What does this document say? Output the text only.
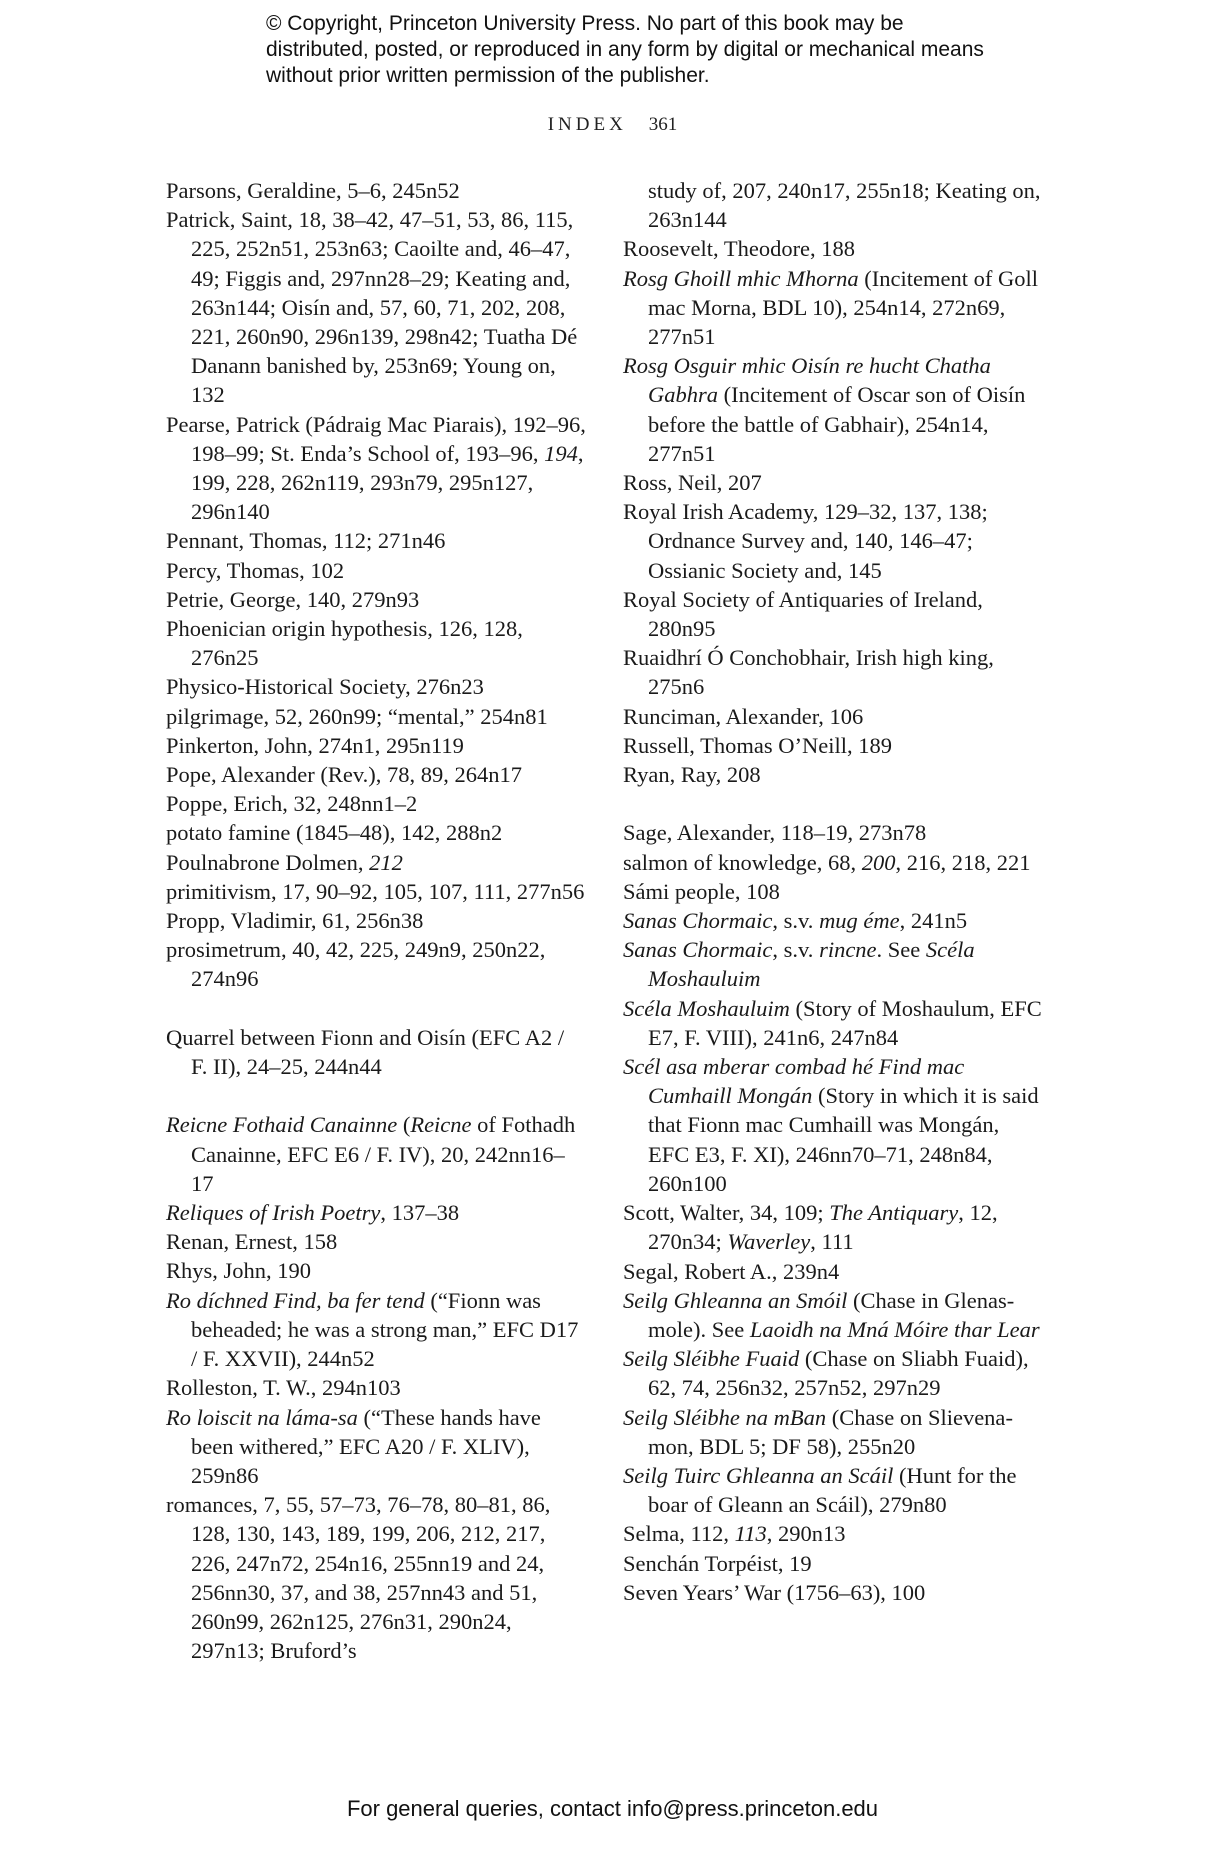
© Copyright, Princeton University Press. No part of this book may be distributed, posted, or reproduced in any form by digital or mechanical means without prior written permission of the publisher.
INDEX 361
Parsons, Geraldine, 5–6, 245n52
Patrick, Saint, 18, 38–42, 47–51, 53, 86, 115, 225, 252n51, 253n63; Caoilte and, 46–47, 49; Figgis and, 297nn28–29; Keating and, 263n144; Oisín and, 57, 60, 71, 202, 208, 221, 260n90, 296n139, 298n42; Tuatha Dé Danann banished by, 253n69; Young on, 132
Pearse, Patrick (Pádraig Mac Piarais), 192–96, 198–99; St. Enda’s School of, 193–96, 194, 199, 228, 262n119, 293n79, 295n127, 296n140
Pennant, Thomas, 112; 271n46
Percy, Thomas, 102
Petrie, George, 140, 279n93
Phoenician origin hypothesis, 126, 128, 276n25
Physico-Historical Society, 276n23
pilgrimage, 52, 260n99; “mental,” 254n81
Pinkerton, John, 274n1, 295n119
Pope, Alexander (Rev.), 78, 89, 264n17
Poppe, Erich, 32, 248nn1–2
potato famine (1845–48), 142, 288n2
Poulnabrone Dolmen, 212
primitivism, 17, 90–92, 105, 107, 111, 277n56
Propp, Vladimir, 61, 256n38
prosimetrum, 40, 42, 225, 249n9, 250n22, 274n96
Quarrel between Fionn and Oisín (EFC A2 / F. II), 24–25, 244n44
Reicne Fothaid Canainne (Reicne of Fothadh Canainne, EFC E6 / F. IV), 20, 242nn16–17
Reliques of Irish Poetry, 137–38
Renan, Ernest, 158
Rhys, John, 190
Ro díchned Find, ba fer tend (“Fionn was beheaded; he was a strong man,” EFC D17 / F. XXVII), 244n52
Rolleston, T. W., 294n103
Ro loiscit na láma-sa (“These hands have been withered,” EFC A20 / F. XLIV), 259n86
romances, 7, 55, 57–73, 76–78, 80–81, 86, 128, 130, 143, 189, 199, 206, 212, 217, 226, 247n72, 254n16, 255nn19 and 24, 256nn30, 37, and 38, 257nn43 and 51, 260n99, 262n125, 276n31, 290n24, 297n13; Bruford’s
study of, 207, 240n17, 255n18; Keating on, 263n144
Roosevelt, Theodore, 188
Rosg Ghoill mhic Mhorna (Incitement of Goll mac Morna, BDL 10), 254n14, 272n69, 277n51
Rosg Osguir mhic Oisín re hucht Chatha Gabhra (Incitement of Oscar son of Oisín before the battle of Gabhair), 254n14, 277n51
Ross, Neil, 207
Royal Irish Academy, 129–32, 137, 138; Ordnance Survey and, 140, 146–47; Ossianic Society and, 145
Royal Society of Antiquaries of Ireland, 280n95
Ruaidhrí Ó Conchobhair, Irish high king, 275n6
Runciman, Alexander, 106
Russell, Thomas O’Neill, 189
Ryan, Ray, 208
Sage, Alexander, 118–19, 273n78
salmon of knowledge, 68, 200, 216, 218, 221
Sámi people, 108
Sanas Chormaic, s.v. mug éme, 241n5
Sanas Chormaic, s.v. rincne. See Scéla Moshauluim
Scéla Moshauluim (Story of Moshaulum, EFC E7, F. VIII), 241n6, 247n84
Scél asa mberar combad hé Find mac Cumhaill Mongán (Story in which it is said that Fionn mac Cumhaill was Mongán, EFC E3, F. XI), 246nn70–71, 248n84, 260n100
Scott, Walter, 34, 109; The Antiquary, 12, 270n34; Waverley, 111
Segal, Robert A., 239n4
Seilg Ghleanna an Smóil (Chase in Glenasmole). See Laoidh na Mná Móire thar Lear
Seilg Sléibhe Fuaid (Chase on Sliabh Fuaid), 62, 74, 256n32, 257n52, 297n29
Seilg Sléibhe na mBan (Chase on Slievenamon, BDL 5; DF 58), 255n20
Seilg Tuirc Ghleanna an Scáil (Hunt for the boar of Gleann an Scáil), 279n80
Selma, 112, 113, 290n13
Senchán Torpéist, 19
Seven Years’ War (1756–63), 100
For general queries, contact info@press.princeton.edu
